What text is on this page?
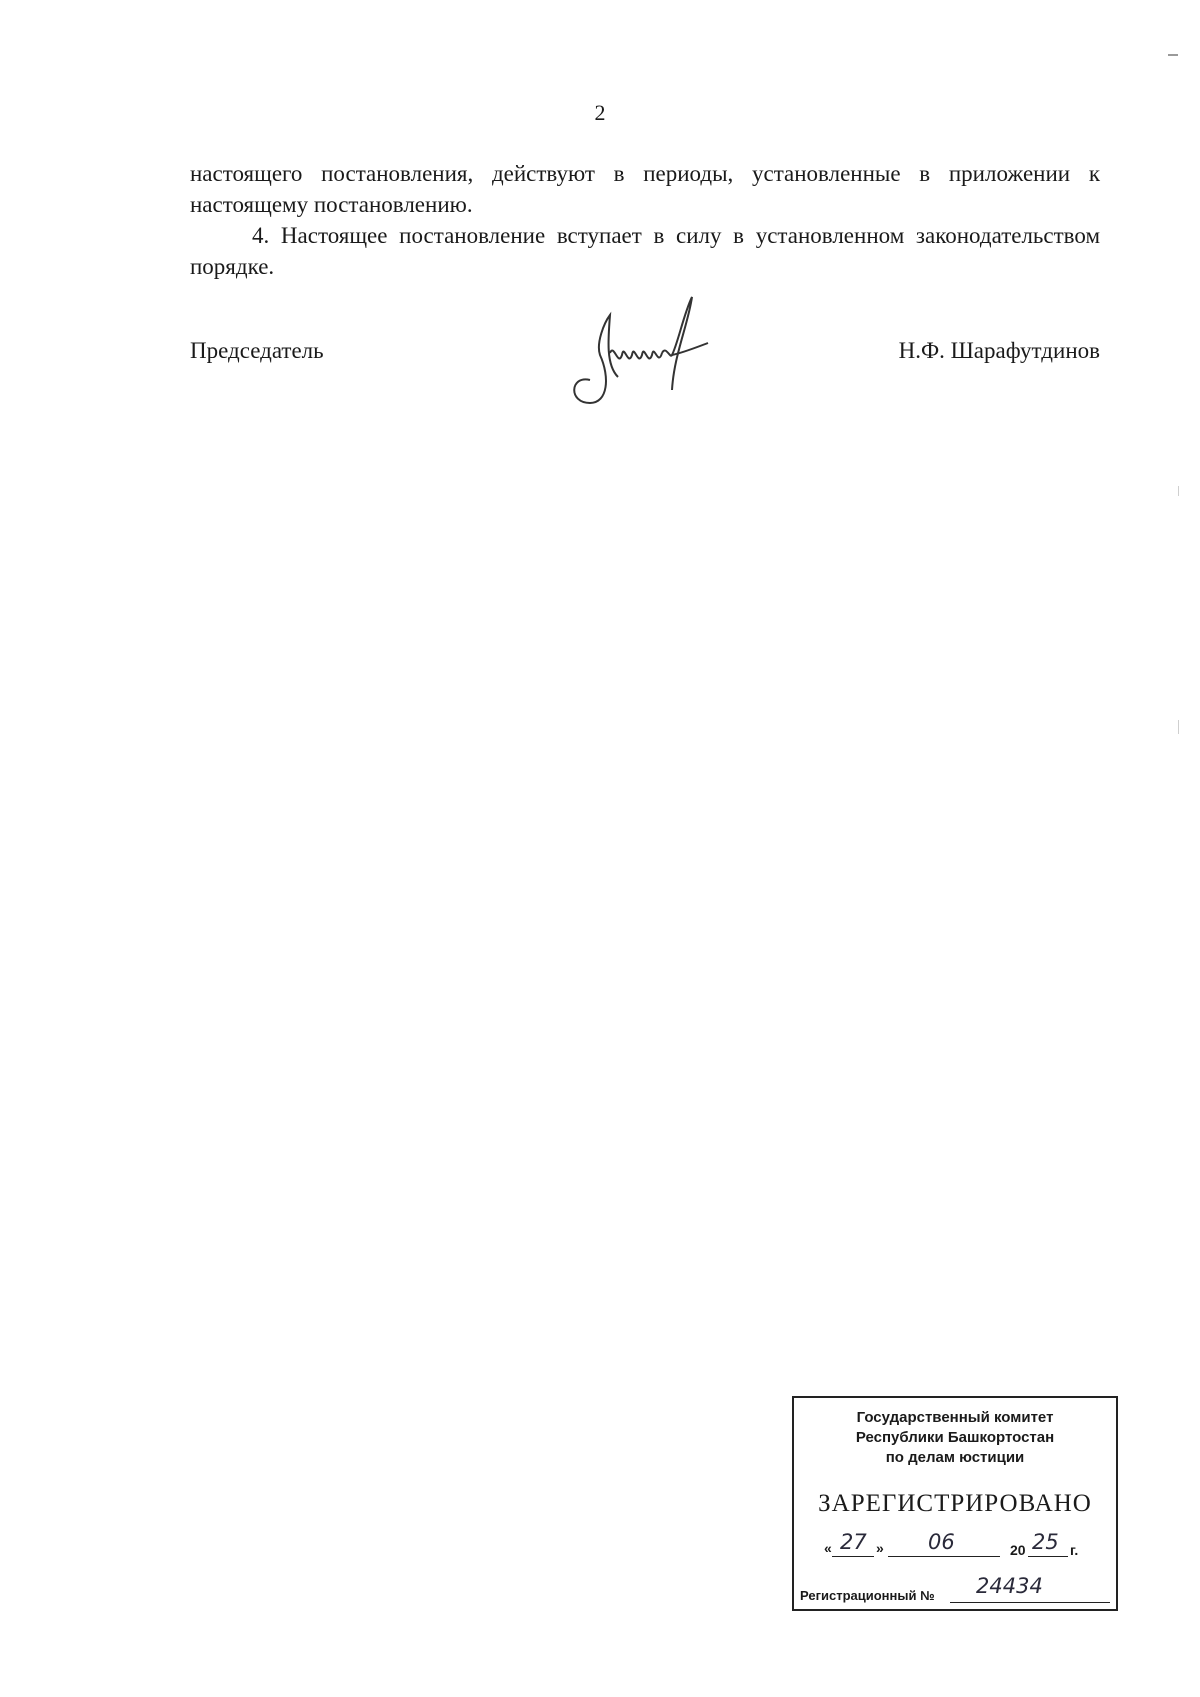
2

настоящего постановления, действуют в периоды, установленные в приложении к настоящему постановлению.

4. Настоящее постановление вступает в силу в установленном законодательством порядке.

Председатель	Н.Ф. Шарафутдинов
Государственный комитет
Республики Башкортостан
по делам юстиции
ЗАРЕГИСТРИРОВАНО
« 27 » 06	20 25 г.
Регистрационный № 24434
